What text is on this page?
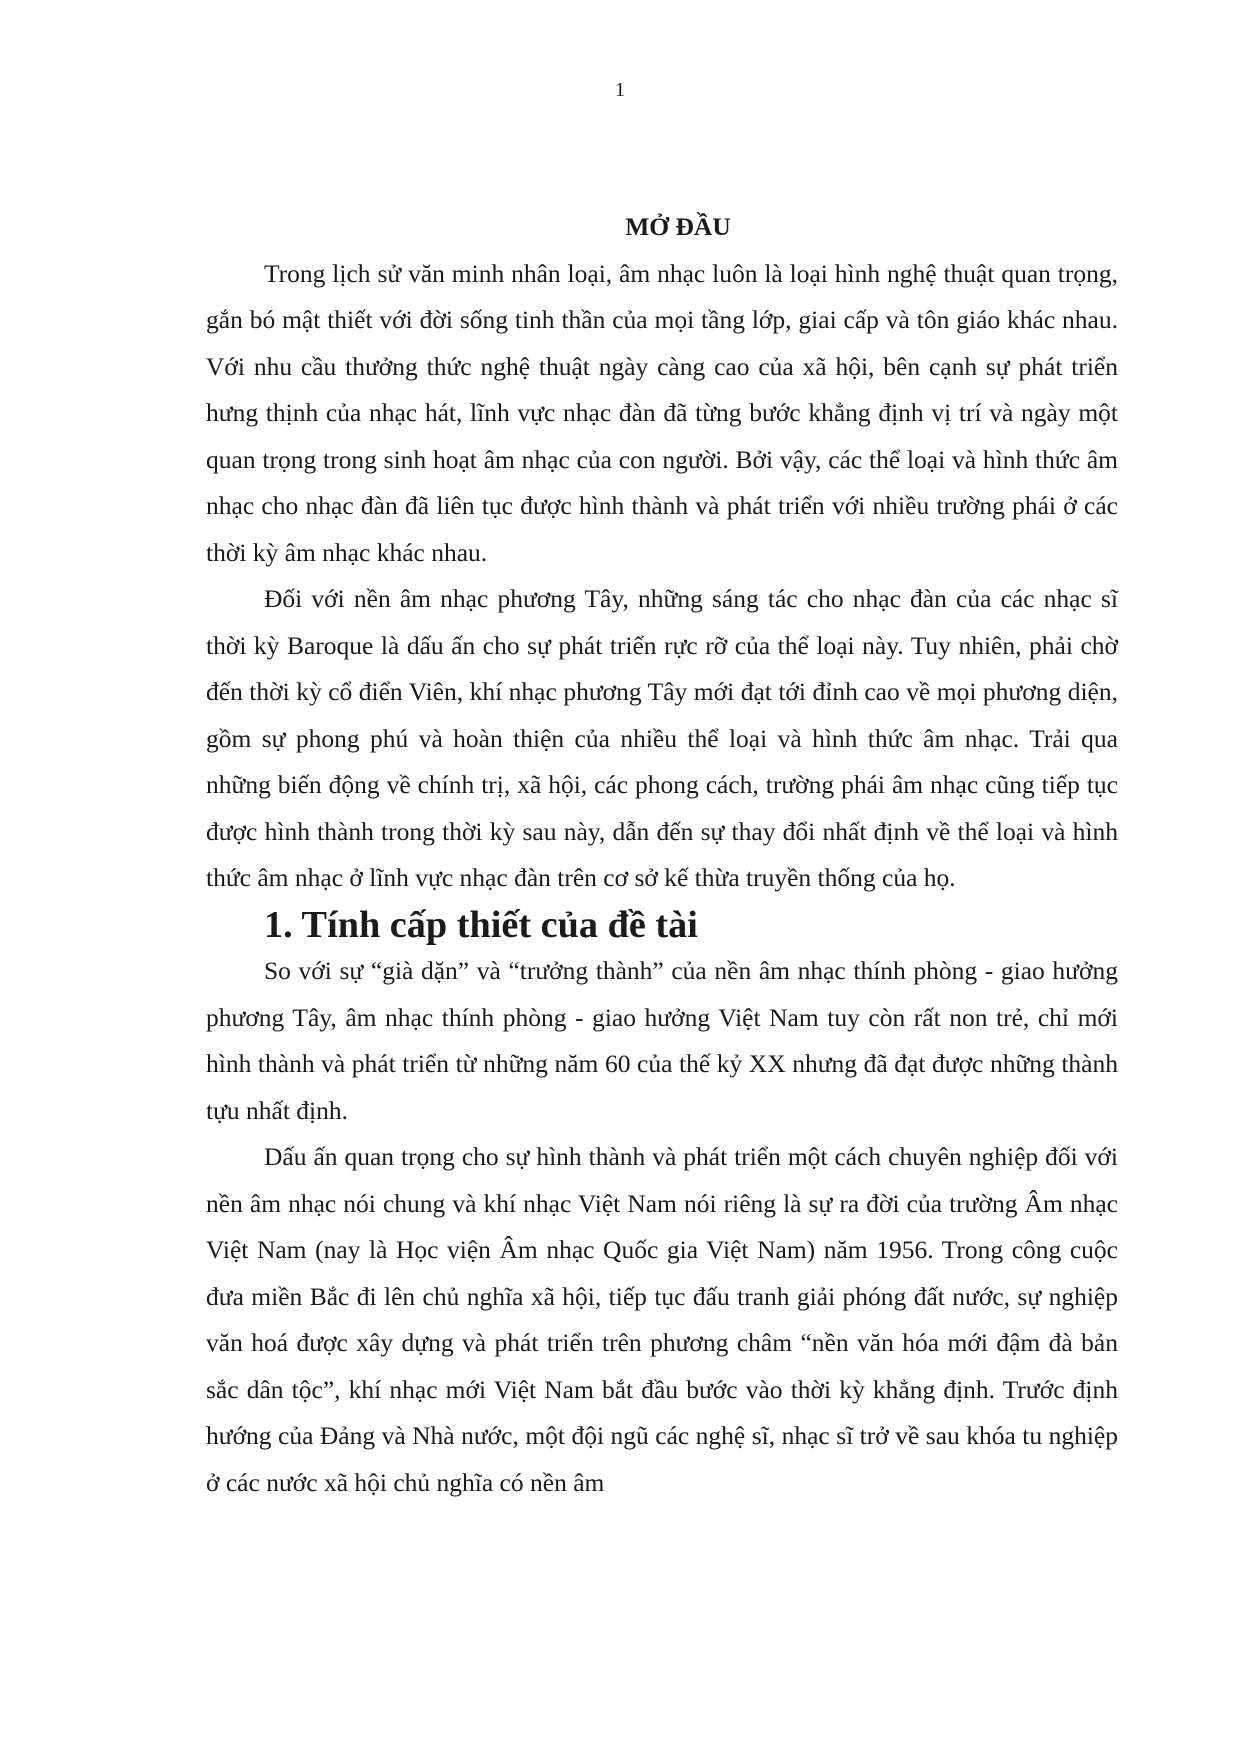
1
MỞ ĐẦU

Trong lịch sử văn minh nhân loại, âm nhạc luôn là loại hình nghệ thuật quan trọng, gắn bó mật thiết với đời sống tinh thần của mọi tầng lớp, giai cấp và tôn giáo khác nhau. Với nhu cầu thưởng thức nghệ thuật ngày càng cao của xã hội, bên cạnh sự phát triển hưng thịnh của nhạc hát, lĩnh vực nhạc đàn đã từng bước khẳng định vị trí và ngày một quan trọng trong sinh hoạt âm nhạc của con người. Bởi vậy, các thể loại và hình thức âm nhạc cho nhạc đàn đã liên tục được hình thành và phát triển với nhiều trường phái ở các thời kỳ âm nhạc khác nhau.

Đối với nền âm nhạc phương Tây, những sáng tác cho nhạc đàn của các nhạc sĩ thời kỳ Baroque là dấu ấn cho sự phát triển rực rỡ của thể loại này. Tuy nhiên, phải chờ đến thời kỳ cổ điển Viên, khí nhạc phương Tây mới đạt tới đỉnh cao về mọi phương diện, gồm sự phong phú và hoàn thiện của nhiều thể loại và hình thức âm nhạc. Trải qua những biến động về chính trị, xã hội, các phong cách, trường phái âm nhạc cũng tiếp tục được hình thành trong thời kỳ sau này, dẫn đến sự thay đổi nhất định về thể loại và hình thức âm nhạc ở lĩnh vực nhạc đàn trên cơ sở kế thừa truyền thống của họ.

1. Tính cấp thiết của đề tài

So với sự “già dặn” và “trưởng thành” của nền âm nhạc thính phòng - giao hưởng phương Tây, âm nhạc thính phòng - giao hưởng Việt Nam tuy còn rất non trẻ, chỉ mới hình thành và phát triển từ những năm 60 của thế kỷ XX nhưng đã đạt được những thành tựu nhất định.

Dấu ấn quan trọng cho sự hình thành và phát triển một cách chuyên nghiệp đối với nền âm nhạc nói chung và khí nhạc Việt Nam nói riêng là sự ra đời của trường Âm nhạc Việt Nam (nay là Học viện Âm nhạc Quốc gia Việt Nam) năm 1956. Trong công cuộc đưa miền Bắc đi lên chủ nghĩa xã hội, tiếp tục đấu tranh giải phóng đất nước, sự nghiệp văn hoá được xây dựng và phát triển trên phương châm “nền văn hóa mới đậm đà bản sắc dân tộc”, khí nhạc mới Việt Nam bắt đầu bước vào thời kỳ khẳng định. Trước định hướng của Đảng và Nhà nước, một đội ngũ các nghệ sĩ, nhạc sĩ trở về sau khóa tu nghiệp ở các nước xã hội chủ nghĩa có nền âm
